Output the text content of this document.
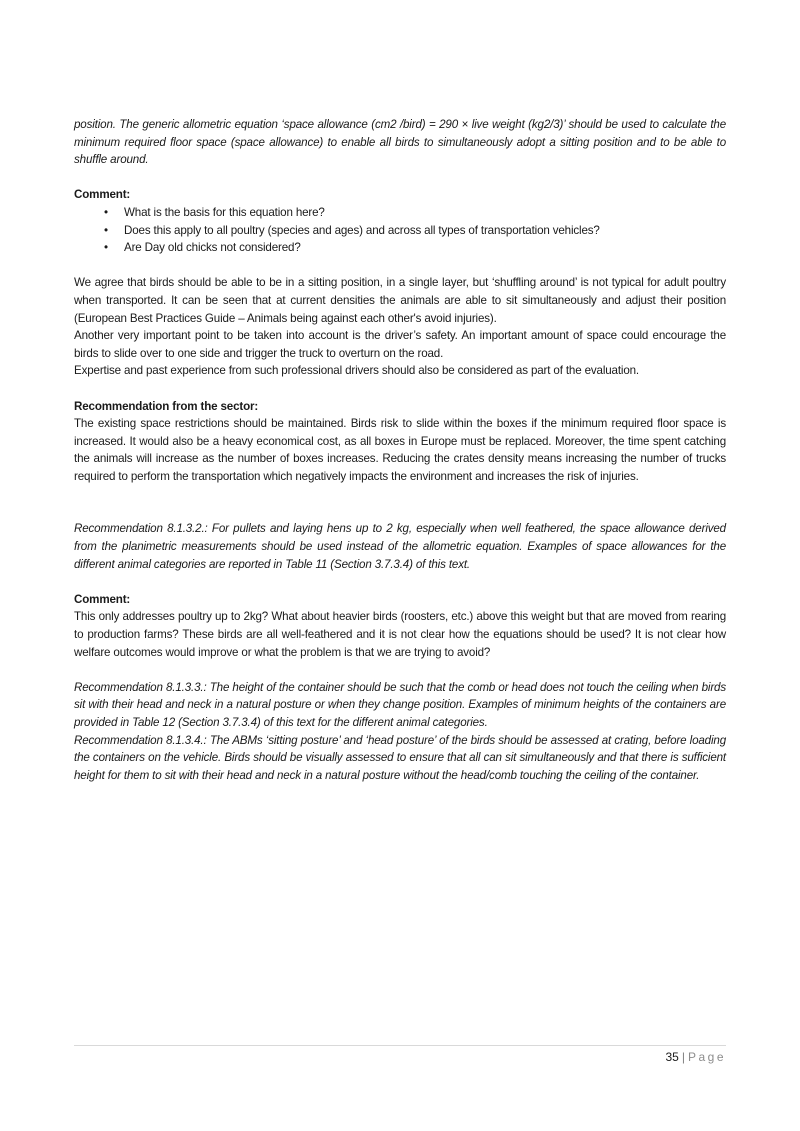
position. The generic allometric equation ‘space allowance (cm2 /bird) = 290 × live weight (kg2/3)’ should be used to calculate the minimum required floor space (space allowance) to enable all birds to simultaneously adopt a sitting position and to be able to shuffle around.

Comment:

• What is the basis for this equation here?
• Does this apply to all poultry (species and ages) and across all types of transportation vehicles?
• Are Day old chicks not considered?

We agree that birds should be able to be in a sitting position, in a single layer, but ‘shuffling around’ is not typical for adult poultry when transported. It can be seen that at current densities the animals are able to sit simultaneously and adjust their position (European Best Practices Guide – Animals being against each other's avoid injuries).

Another very important point to be taken into account is the driver’s safety. An important amount of space could encourage the birds to slide over to one side and trigger the truck to overturn on the road.

Expertise and past experience from such professional drivers should also be considered as part of the evaluation.

Recommendation from the sector:

The existing space restrictions should be maintained. Birds risk to slide within the boxes if the minimum required floor space is increased. It would also be a heavy economical cost, as all boxes in Europe must be replaced. Moreover, the time spent catching the animals will increase as the number of boxes increases. Reducing the crates density means increasing the number of trucks required to perform the transportation which negatively impacts the environment and increases the risk of injuries.

Recommendation 8.1.3.2.: For pullets and laying hens up to 2 kg, especially when well feathered, the space allowance derived from the planimetric measurements should be used instead of the allometric equation. Examples of space allowances for the different animal categories are reported in Table 11 (Section 3.7.3.4) of this text.

Comment:

This only addresses poultry up to 2kg? What about heavier birds (roosters, etc.) above this weight but that are moved from rearing to production farms? These birds are all well-feathered and it is not clear how the equations should be used? It is not clear how welfare outcomes would improve or what the problem is that we are trying to avoid?

Recommendation 8.1.3.3.: The height of the container should be such that the comb or head does not touch the ceiling when birds sit with their head and neck in a natural posture or when they change position. Examples of minimum heights of the containers are provided in Table 12 (Section 3.7.3.4) of this text for the different animal categories.

Recommendation 8.1.3.4.: The ABMs ‘sitting posture’ and ‘head posture’ of the birds should be assessed at crating, before loading the containers on the vehicle. Birds should be visually assessed to ensure that all can sit simultaneously and that there is sufficient height for them to sit with their head and neck in a natural posture without the head/comb touching the ceiling of the container.

35 | Page
